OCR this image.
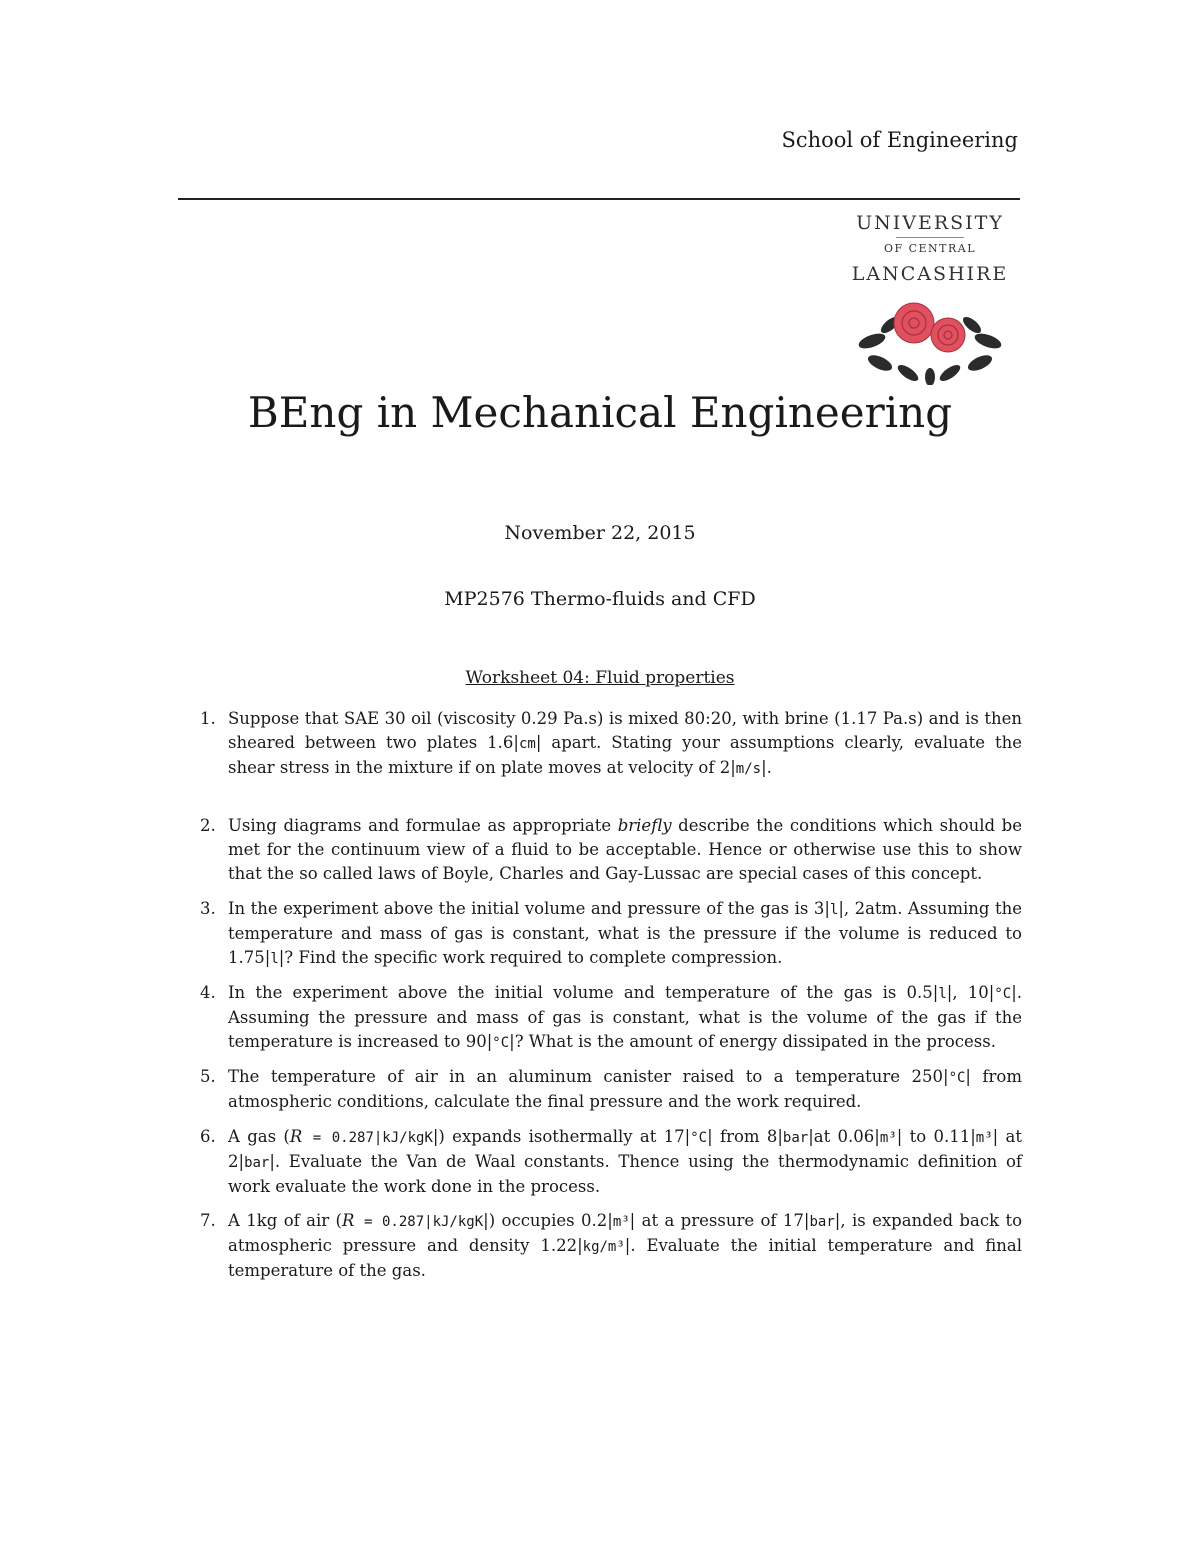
School of Engineering
UNIVERSITY
OF CENTRAL
LANCASHIRE
BEng in Mechanical Engineering
November 22, 2015
MP2576 Thermo-fluids and CFD
Worksheet 04: Fluid properties
1. Suppose that SAE 30 oil (viscosity 0.29 Pa.s) is mixed 80:20, with brine (1.17 Pa.s) and is then sheared between two plates 1.6|cm| apart. Stating your assumptions clearly, evaluate the shear stress in the mixture if on plate moves at velocity of 2|m/s|.
2. Using diagrams and formulae as appropriate briefly describe the conditions which should be met for the continuum view of a fluid to be acceptable. Hence or otherwise use this to show that the so called laws of Boyle, Charles and Gay-Lussac are special cases of this concept.
3. In the experiment above the initial volume and pressure of the gas is 3|l|, 2atm. Assuming the temperature and mass of gas is constant, what is the pressure if the volume is reduced to 1.75|l|? Find the specific work required to complete compression.
4. In the experiment above the initial volume and temperature of the gas is 0.5|l|, 10|°C|. Assuming the pressure and mass of gas is constant, what is the volume of the gas if the temperature is increased to 90|°C|? What is the amount of energy dissipated in the process.
5. The temperature of air in an aluminum canister raised to a temperature 250|°C| from atmospheric conditions, calculate the final pressure and the work required.
6. A gas (R = 0.287|kJ/kgK|) expands isothermally at 17|°C| from 8|bar|at 0.06|m³| to 0.11|m³| at 2|bar|. Evaluate the Van de Waal constants. Thence using the thermodynamic definition of work evaluate the work done in the process.
7. A 1kg of air (R = 0.287|kJ/kgK|) occupies 0.2|m³| at a pressure of 17|bar|, is expanded back to atmospheric pressure and density 1.22|kg/m³|. Evaluate the initial temperature and final temperature of the gas.
